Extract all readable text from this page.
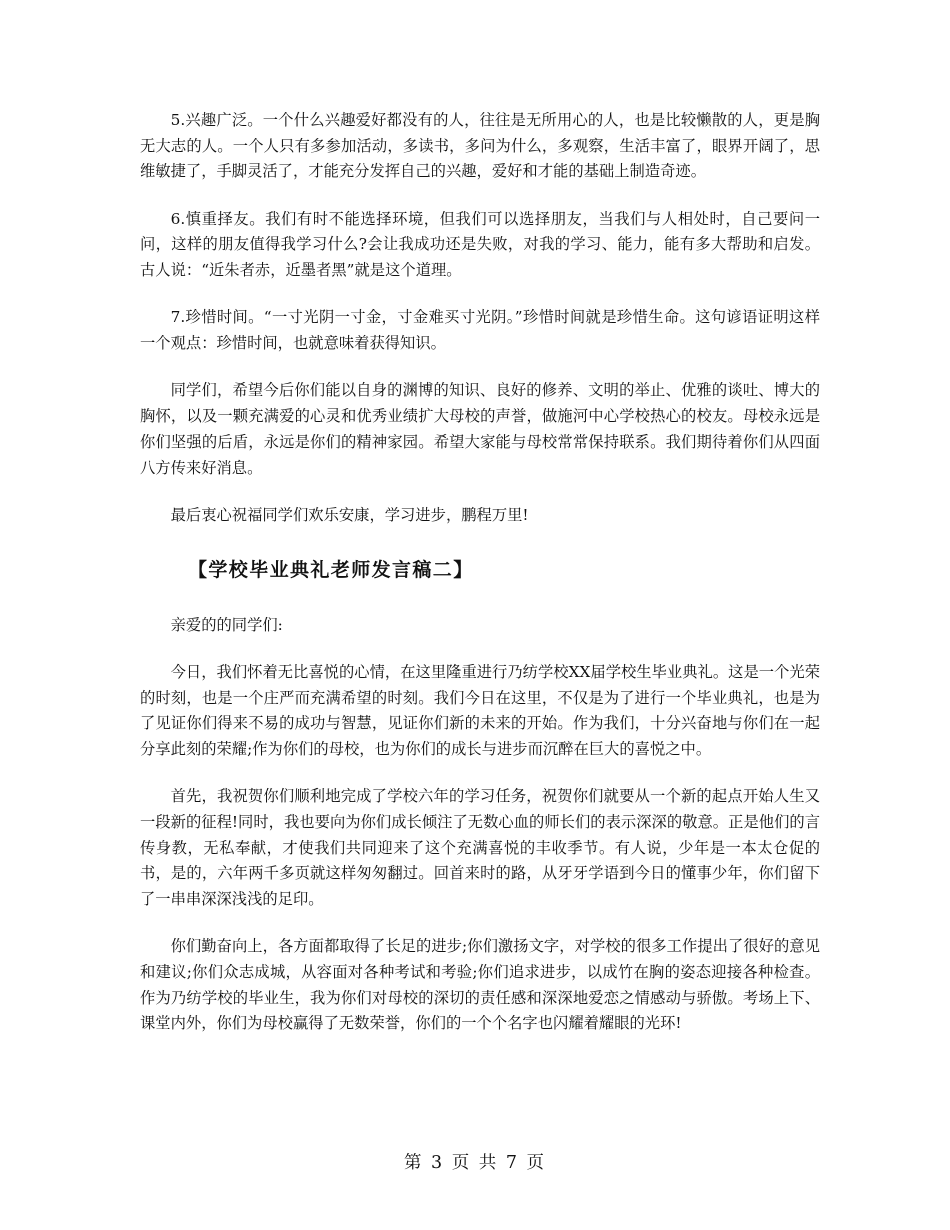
5.兴趣广泛。一个什么兴趣爱好都没有的人，往往是无所用心的人，也是比较懒散的人，更是胸无大志的人。一个人只有多参加活动，多读书，多问为什么，多观察，生活丰富了，眼界开阔了，思维敏捷了，手脚灵活了，才能充分发挥自己的兴趣，爱好和才能的基础上制造奇迹。

6.慎重择友。我们有时不能选择环境，但我们可以选择朋友，当我们与人相处时，自己要问一问，这样的朋友值得我学习什么?会让我成功还是失败，对我的学习、能力，能有多大帮助和启发。古人说：“近朱者赤，近墨者黑”就是这个道理。

7.珍惜时间。“一寸光阴一寸金，寸金难买寸光阴。”珍惜时间就是珍惜生命。这句谚语证明这样一个观点：珍惜时间，也就意味着获得知识。

同学们，希望今后你们能以自身的渊博的知识、良好的修养、文明的举止、优雅的谈吐、博大的胸怀，以及一颗充满爱的心灵和优秀业绩扩大母校的声誉，做施河中心学校热心的校友。母校永远是你们坚强的后盾，永远是你们的精神家园。希望大家能与母校常常保持联系。我们期待着你们从四面八方传来好消息。

最后衷心祝福同学们欢乐安康，学习进步，鹏程万里!

【学校毕业典礼老师发言稿二】

亲爱的的同学们:

今日，我们怀着无比喜悦的心情，在这里隆重进行乃纺学校XX届学校生毕业典礼。这是一个光荣的时刻，也是一个庄严而充满希望的时刻。我们今日在这里，不仅是为了进行一个毕业典礼，也是为了见证你们得来不易的成功与智慧，见证你们新的未来的开始。作为我们，十分兴奋地与你们在一起分享此刻的荣耀;作为你们的母校，也为你们的成长与进步而沉醉在巨大的喜悦之中。

首先，我祝贺你们顺利地完成了学校六年的学习任务，祝贺你们就要从一个新的起点开始人生又一段新的征程!同时，我也要向为你们成长倾注了无数心血的师长们的表示深深的敬意。正是他们的言传身教，无私奉献，才使我们共同迎来了这个充满喜悦的丰收季节。有人说，少年是一本太仓促的书，是的，六年两千多页就这样匆匆翻过。回首来时的路，从牙牙学语到今日的懂事少年，你们留下了一串串深深浅浅的足印。

你们勤奋向上，各方面都取得了长足的进步;你们激扬文字，对学校的很多工作提出了很好的意见和建议;你们众志成城，从容面对各种考试和考验;你们追求进步，以成竹在胸的姿态迎接各种检查。作为乃纺学校的毕业生，我为你们对母校的深切的责任感和深深地爱恋之情感动与骄傲。考场上下、课堂内外，你们为母校赢得了无数荣誉，你们的一个个名字也闪耀着耀眼的光环!

第 3 页 共 7 页
